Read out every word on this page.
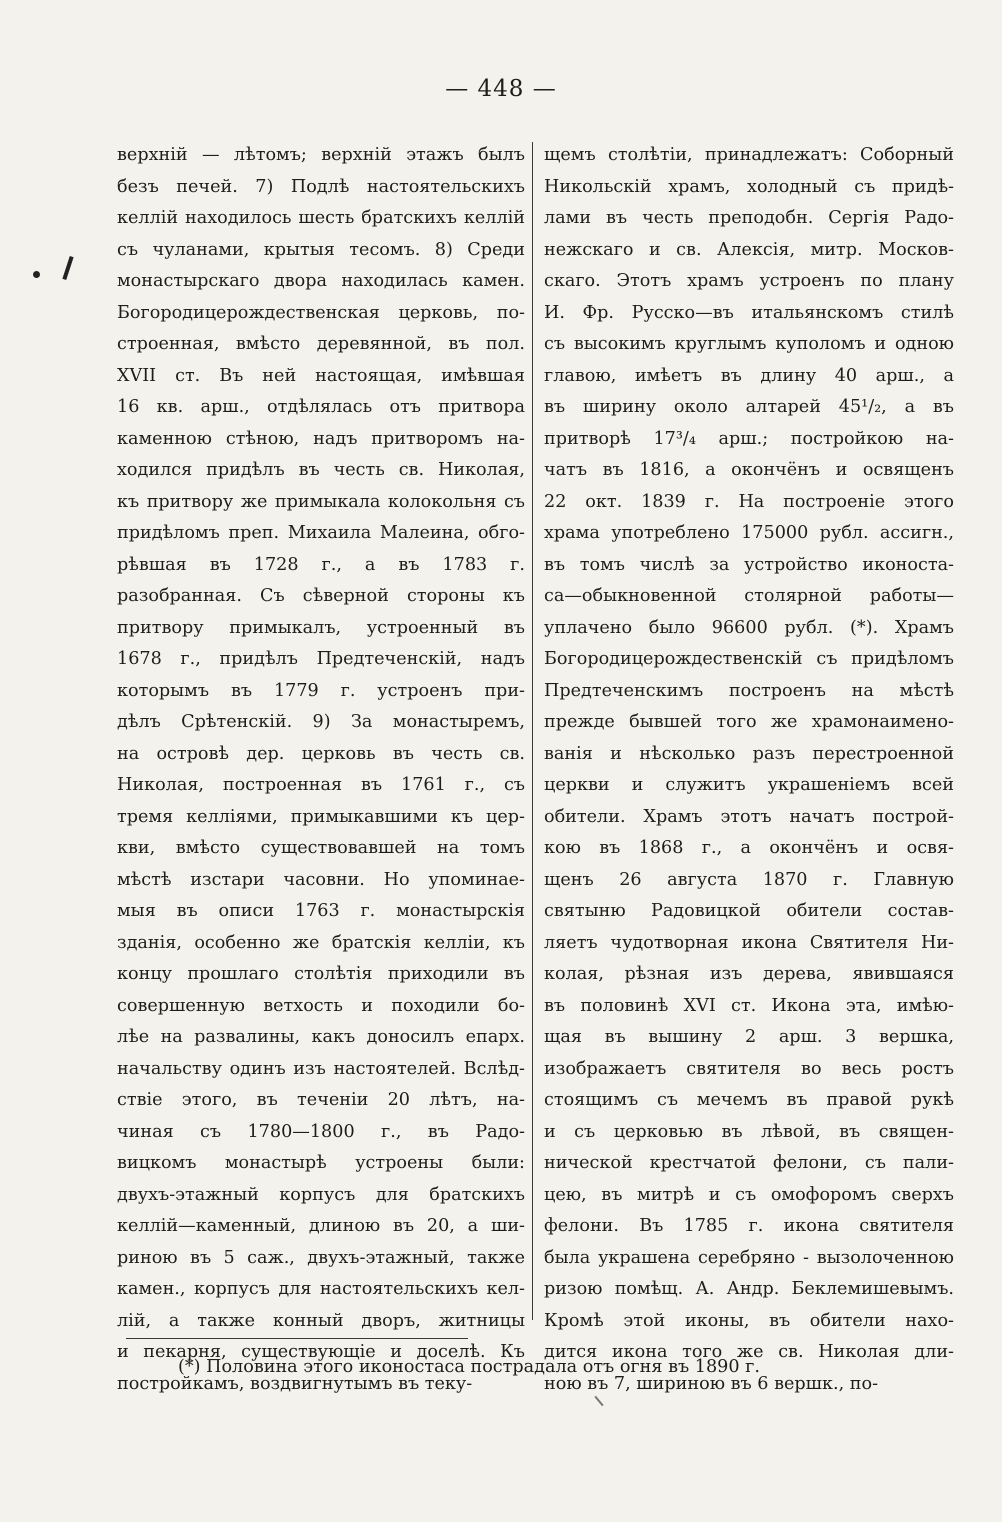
— 448 —
верхній — лѣтомъ; верхній этажъ былъ
безъ печей. 7) Подлѣ настоятельскихъ
келлій находилось шесть братскихъ келлій
съ чуланами, крытыя тесомъ. 8) Среди
монастырскаго двора находилась камен.
Богородицерождественская церковь, по-
строенная, вмѣсто деревянной, въ пол.
XVII ст. Въ ней настоящая, имѣвшая
16 кв. арш., отдѣлялась отъ притвора
каменною стѣною, надъ притворомъ на-
ходился придѣлъ въ честь св. Николая,
къ притвору же примыкала колокольня съ
придѣломъ преп. Михаила Малеина, обго-
рѣвшая въ 1728 г., а въ 1783 г.
разобранная. Съ сѣверной стороны къ
притвору примыкалъ, устроенный въ
1678 г., придѣлъ Предтеченскій, надъ
которымъ въ 1779 г. устроенъ при-
дѣлъ Срѣтенскій. 9) За монастыремъ,
на островѣ дер. церковь въ честь св.
Николая, построенная въ 1761 г., съ
тремя келліями, примыкавшими къ цер-
кви, вмѣсто существовавшей на томъ
мѣстѣ изстари часовни. Но упоминае-
мыя въ описи 1763 г. монастырскія
зданія, особенно же братскія келліи, къ
концу прошлаго столѣтія приходили въ
совершенную ветхость и походили бо-
лѣе на развалины, какъ доносилъ епарх.
начальству одинъ изъ настоятелей. Вслѣд-
ствіе этого, въ теченіи 20 лѣтъ, на-
чиная съ 1780—1800 г., въ Радо-
вицкомъ монастырѣ устроены были:
двухъ-этажный корпусъ для братскихъ
келлій—каменный, длиною въ 20, а ши-
риною въ 5 саж., двухъ-этажный, также
камен., корпусъ для настоятельскихъ кел-
лій, а также конный дворъ, житницы
и пекарня, существующіе и доселѣ. Къ
постройкамъ, воздвигнутымъ въ теку-
щемъ столѣтіи, принадлежатъ: Соборный
Никольскій храмъ, холодный съ придѣ-
лами въ честь преподобн. Сергія Радо-
нежскаго и св. Алексія, митр. Москов-
скаго. Этотъ храмъ устроенъ по плану
И. Фр. Русско—въ итальянскомъ стилѣ
съ высокимъ круглымъ куполомъ и одною
главою, имѣетъ въ длину 40 арш., а
въ ширину около алтарей 45¹/₂, а въ
притворѣ 17³/₄ арш.; постройкою на-
чатъ въ 1816, а окончёнъ и освященъ
22 окт. 1839 г. На построеніе этого
храма употреблено 175000 рубл. ассигн.,
въ томъ числѣ за устройство иконоста-
са—обыкновенной столярной работы—
уплачено было 96600 рубл. (*). Храмъ
Богородицерождественскій съ придѣломъ
Предтеченскимъ построенъ на мѣстѣ
прежде бывшей того же храмонаимено-
ванія и нѣсколько разъ перестроенной
церкви и служитъ украшеніемъ всей
обители. Храмъ этотъ начатъ построй-
кою въ 1868 г., а окончёнъ и освя-
щенъ 26 августа 1870 г. Главную
святыню Радовицкой обители состав-
ляетъ чудотворная икона Святителя Ни-
колая, рѣзная изъ дерева, явившаяся
въ половинѣ XVI ст. Икона эта, имѣю-
щая въ вышину 2 арш. 3 вершка,
изображаетъ святителя во весь ростъ
стоящимъ съ мечемъ въ правой рукѣ
и съ церковью въ лѣвой, въ священ-
нической крестчатой фелони, съ пали-
цею, въ митрѣ и съ омофоромъ сверхъ
фелони. Въ 1785 г. икона святителя
была украшена серебряно - вызолоченною
ризою помѣщ. А. Андр. Беклемишевымъ.
Кромѣ этой иконы, въ обители нахо-
дится икона того же св. Николая дли-
ною въ 7, шириною въ 6 вершк., по-
(*) Половина этого иконостаса пострадала отъ огня въ 1890 г.
